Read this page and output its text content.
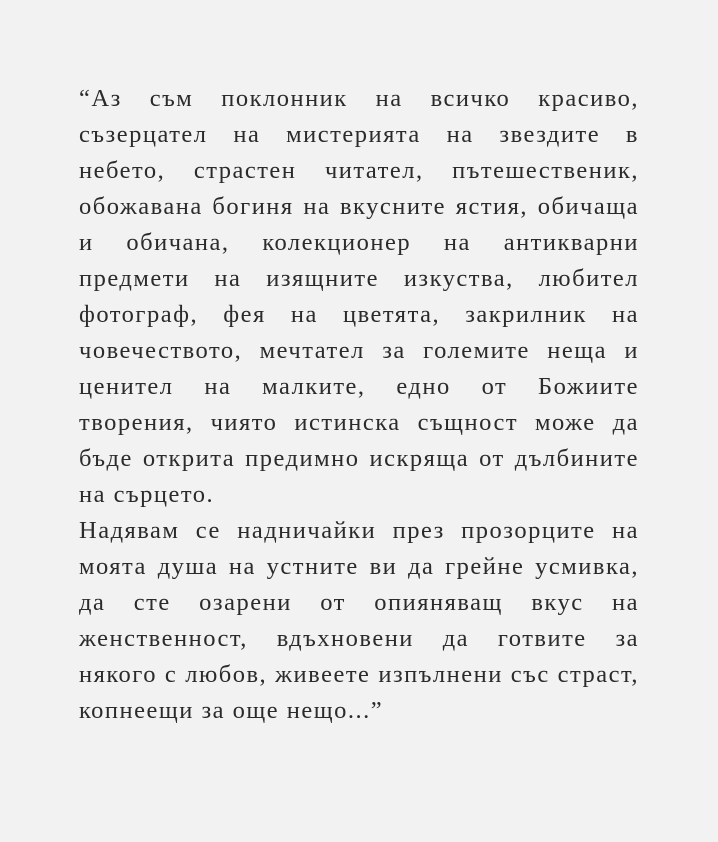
“Аз съм поклонник на всичко красиво, съзерцател на мистерията на звездите в небето, страстен читател, пътешественик, обожавана богиня на вкусните ястия, обичаща и обичана, колекционер на антикварни предмети на изящните изкуства, любител фотограф, фея на цветята, закрилник на човечеството, мечтател за големите неща и ценител на малките, едно от Божиите творения, чиято истинска същност може да бъде открита предимно искряща от дълбините на сърцето.

Надявам се надничайки през прозорците на моята душа на устните ви да грейне усмивка, да сте озарени от опияняващ вкус на женственност, вдъхновени да готвите за някого с любов, живеете изпълнени със страст, копнеещи за още нещо...”
